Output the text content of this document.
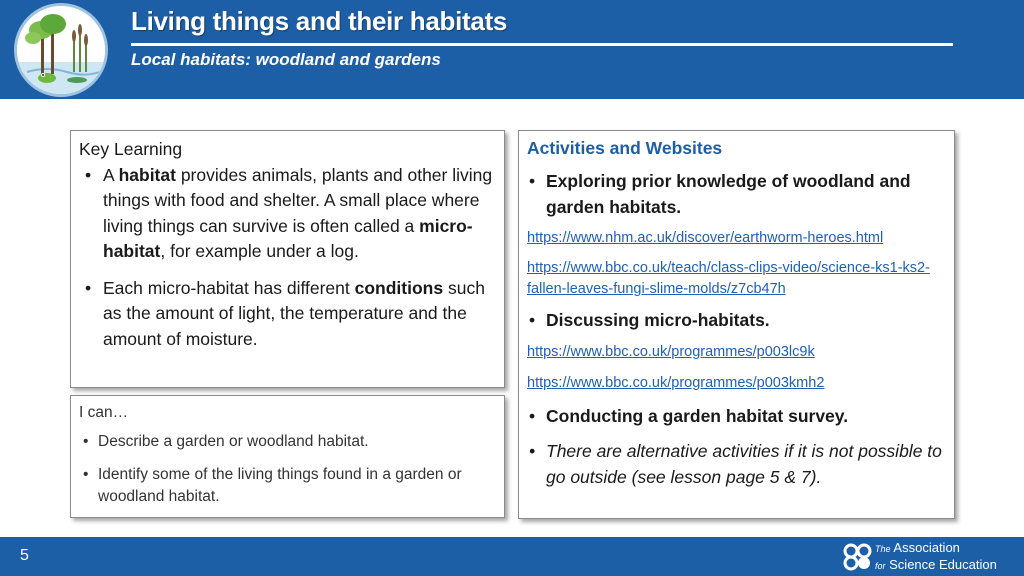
Living things and their habitats
Local habitats: woodland and gardens
Key Learning
• A habitat provides animals, plants and other living things with food and shelter. A small place where living things can survive is often called a micro-habitat, for example under a log.
• Each micro-habitat has different conditions such as the amount of light, the temperature and the amount of moisture.
I can…
• Describe a garden or woodland habitat.
• Identify some of the living things found in a garden or woodland habitat.
Activities and Websites
• Exploring prior knowledge of woodland and garden habitats.
https://www.nhm.ac.uk/discover/earthworm-heroes.html
https://www.bbc.co.uk/teach/class-clips-video/science-ks1-ks2-fallen-leaves-fungi-slime-molds/z7cb47h
• Discussing micro-habitats.
https://www.bbc.co.uk/programmes/p003lc9k
https://www.bbc.co.uk/programmes/p003kmh2
• Conducting a garden habitat survey.
• There are alternative activities if it is not possible to go outside (see lesson page 5 & 7).
5	The Association
for Science Education
